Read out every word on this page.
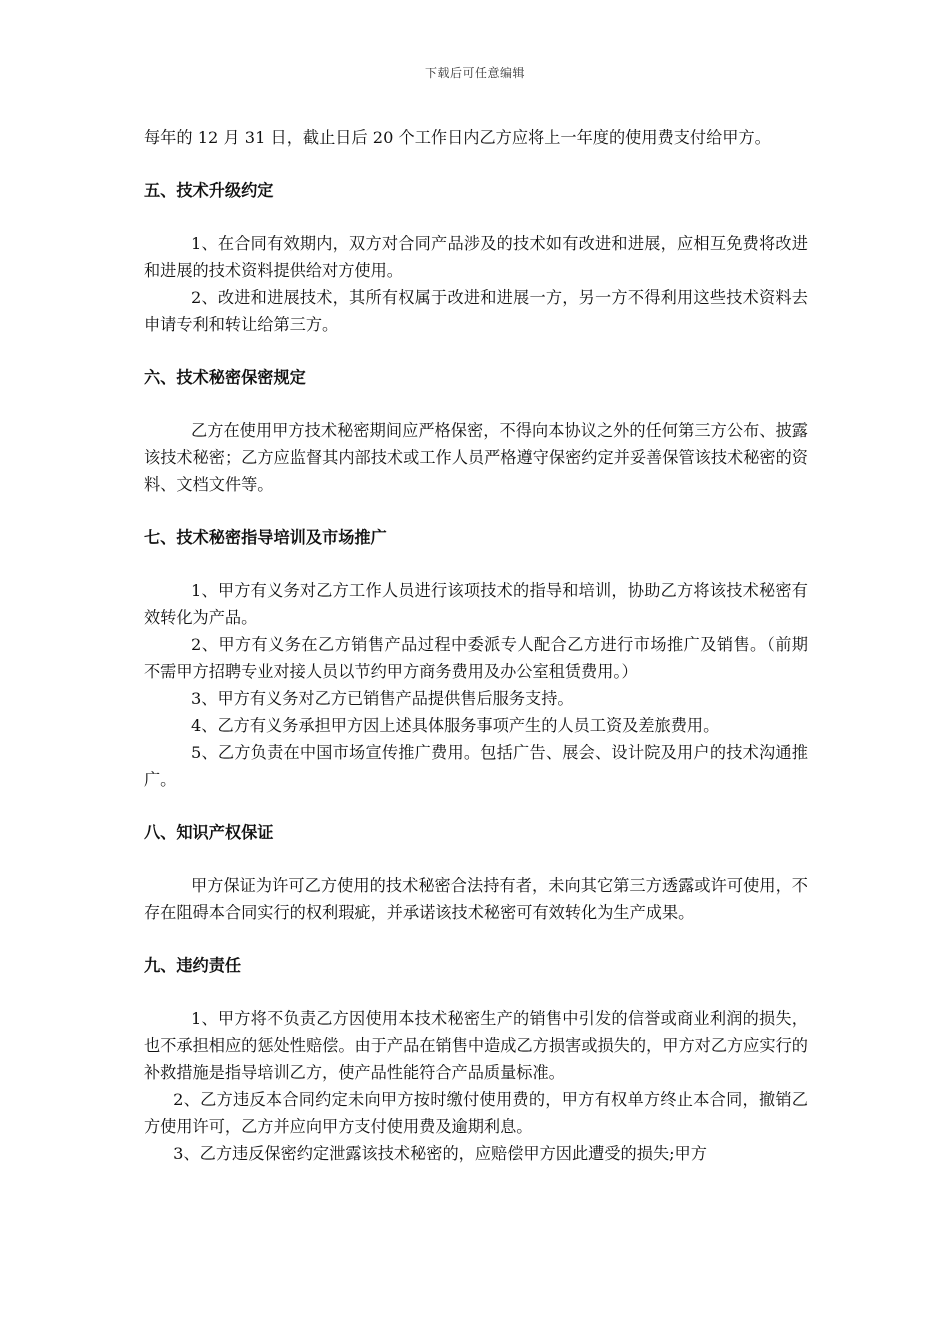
下载后可任意编辑

每年的 12 月 31 日，截止日后 20 个工作日内乙方应将上一年度的使用费支付给甲方。

五、技术升级约定

1、在合同有效期内，双方对合同产品涉及的技术如有改进和进展，应相互免费将改进和进展的技术资料提供给对方使用。

2、改进和进展技术，其所有权属于改进和进展一方，另一方不得利用这些技术资料去申请专利和转让给第三方。

六、技术秘密保密规定

乙方在使用甲方技术秘密期间应严格保密，不得向本协议之外的任何第三方公布、披露该技术秘密；乙方应监督其内部技术或工作人员严格遵守保密约定并妥善保管该技术秘密的资料、文档文件等。

七、技术秘密指导培训及市场推广

1、甲方有义务对乙方工作人员进行该项技术的指导和培训，协助乙方将该技术秘密有效转化为产品。

2、甲方有义务在乙方销售产品过程中委派专人配合乙方进行市场推广及销售。（前期不需甲方招聘专业对接人员以节约甲方商务费用及办公室租赁费用。）

3、甲方有义务对乙方已销售产品提供售后服务支持。

4、乙方有义务承担甲方因上述具体服务事项产生的人员工资及差旅费用。

5、乙方负责在中国市场宣传推广费用。包括广告、展会、设计院及用户的技术沟通推广。

八、知识产权保证

甲方保证为许可乙方使用的技术秘密合法持有者，未向其它第三方透露或许可使用，不存在阻碍本合同实行的权利瑕疵，并承诺该技术秘密可有效转化为生产成果。

九、违约责任

1、甲方将不负责乙方因使用本技术秘密生产的销售中引发的信誉或商业利润的损失，也不承担相应的惩处性赔偿。由于产品在销售中造成乙方损害或损失的，甲方对乙方应实行的补救措施是指导培训乙方，使产品性能符合产品质量标准。

2、乙方违反本合同约定未向甲方按时缴付使用费的，甲方有权单方终止本合同，撤销乙方使用许可，乙方并应向甲方支付使用费及逾期利息。

3、乙方违反保密约定泄露该技术秘密的，应赔偿甲方因此遭受的损失;甲方
